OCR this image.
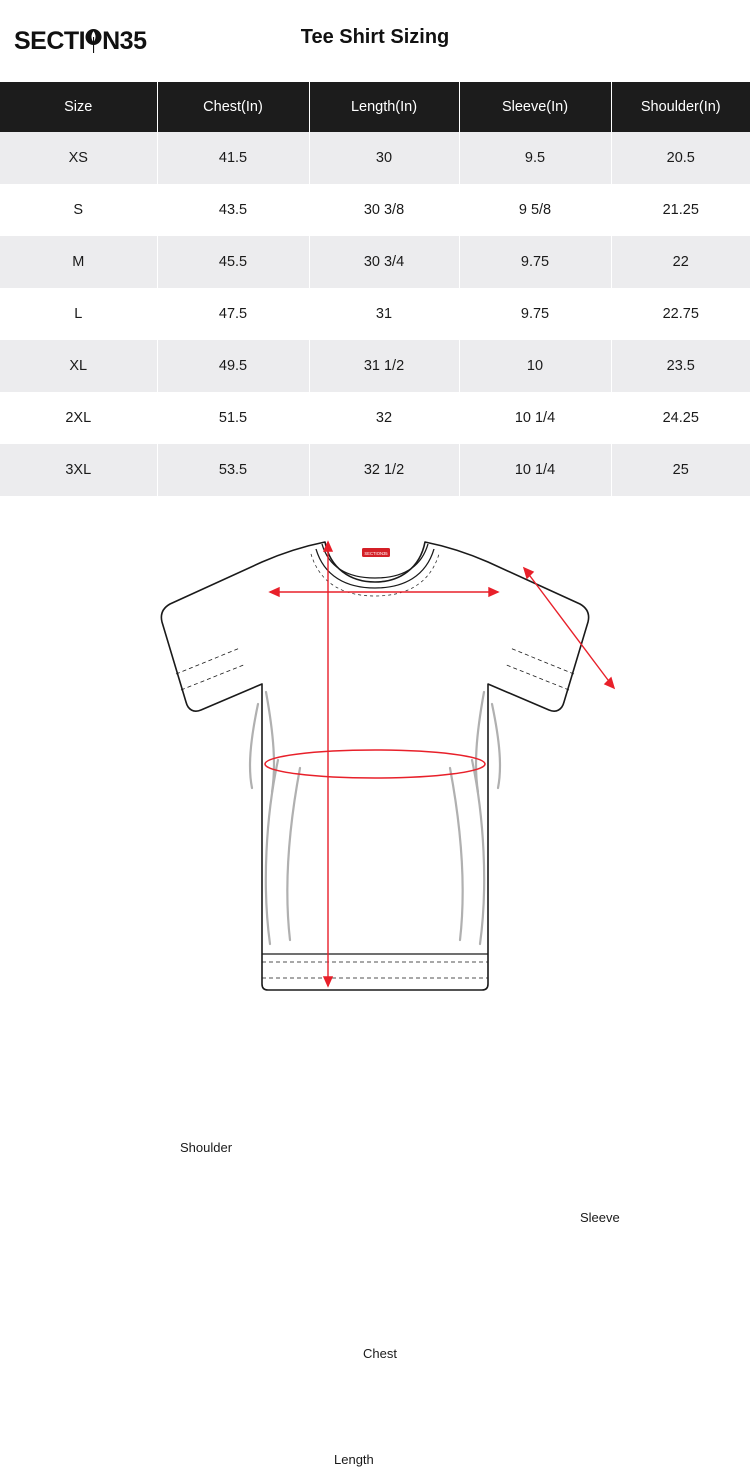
SECTI N35	Tee Shirt Sizing
Size	Chest(In)	Length(In)	Sleeve(In)	Shoulder(In)
XS	41.5	30	9.5	20.5
S	43.5	30 3/8	9 5/8	21.25
M	45.5	30 3/4	9.75	22
L	47.5	31	9.75	22.75
XL	49.5	31 1/2	10	23.5
2XL	51.5	32	10 1/4	24.25
3XL	53.5	32 1/2	10 1/4	25
SECTION35
Shoulder
Sleeve
Chest
Length
